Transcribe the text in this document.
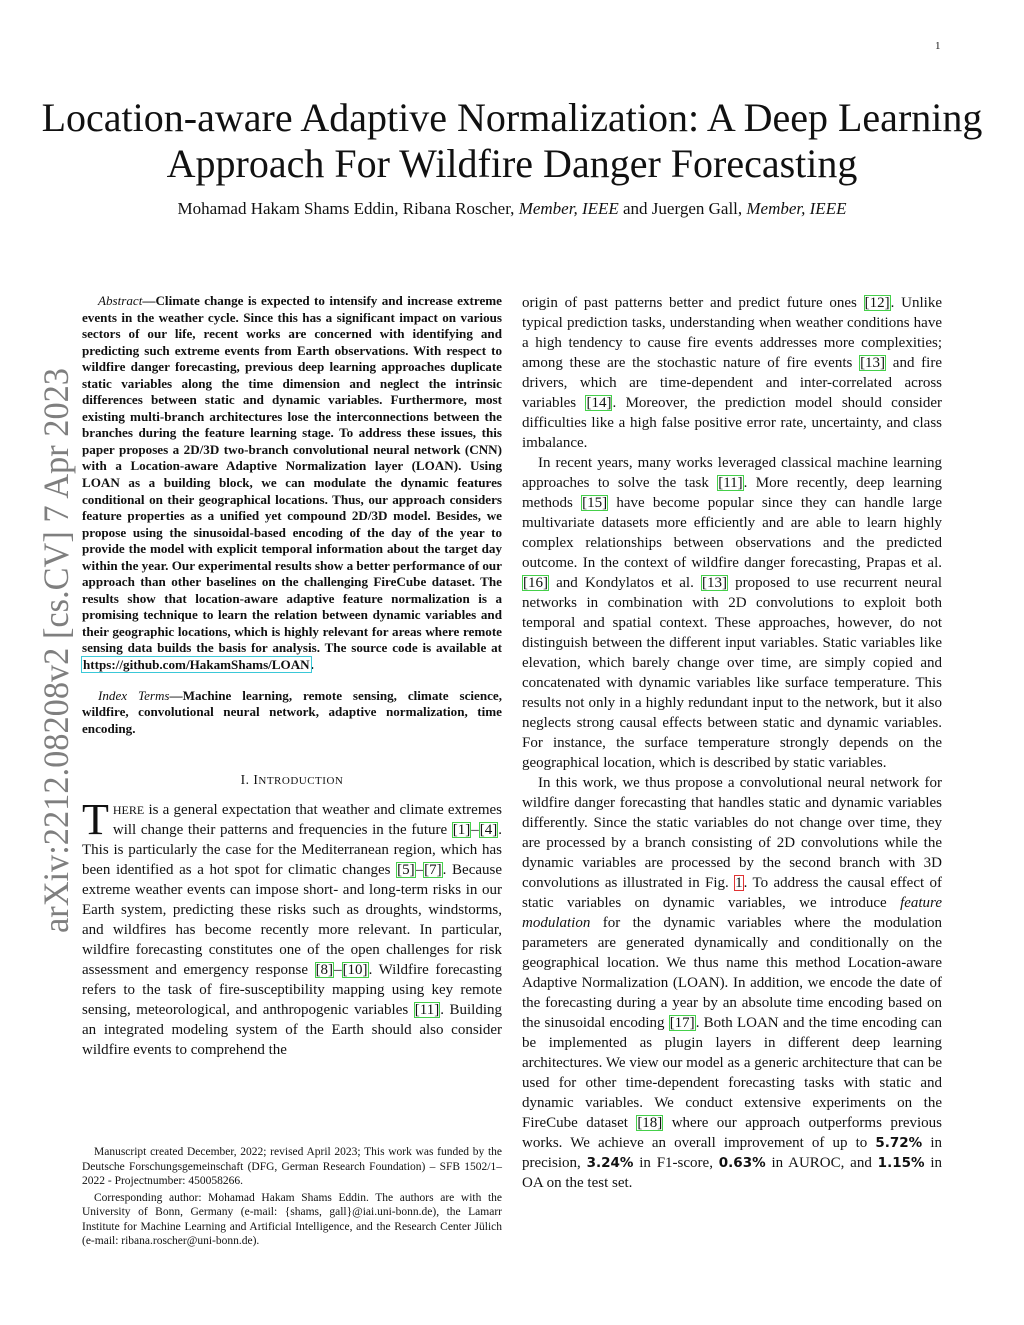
1
arXiv:2212.08208v2 [cs.CV] 7 Apr 2023
Location-aware Adaptive Normalization: A Deep Learning Approach For Wildfire Danger Forecasting
Mohamad Hakam Shams Eddin, Ribana Roscher, Member, IEEE and Juergen Gall, Member, IEEE

Abstract—Climate change is expected to intensify and increase extreme events in the weather cycle. Since this has a significant impact on various sectors of our life, recent works are concerned with identifying and predicting such extreme events from Earth observations. With respect to wildfire danger forecasting, previous deep learning approaches duplicate static variables along the time dimension and neglect the intrinsic differences between static and dynamic variables. Furthermore, most existing multi-branch architectures lose the interconnections between the branches during the feature learning stage. To address these issues, this paper proposes a 2D/3D two-branch convolutional neural network (CNN) with a Location-aware Adaptive Normalization layer (LOAN). Using LOAN as a building block, we can modulate the dynamic features conditional on their geographical locations. Thus, our approach considers feature properties as a unified yet compound 2D/3D model. Besides, we propose using the sinusoidal-based encoding of the day of the year to provide the model with explicit temporal information about the target day within the year. Our experimental results show a better performance of our approach than other baselines on the challenging FireCube dataset. The results show that location-aware adaptive feature normalization is a promising technique to learn the relation between dynamic variables and their geographic locations, which is highly relevant for areas where remote sensing data builds the basis for analysis. The source code is available at https://github.com/HakamShams/LOAN.

Index Terms—Machine learning, remote sensing, climate science, wildfire, convolutional neural network, adaptive normalization, time encoding.

I. INTRODUCTION

THERE is a general expectation that weather and climate extremes will change their patterns and frequencies in the future [1]–[4]. This is particularly the case for the Mediterranean region, which has been identified as a hot spot for climatic changes [5]–[7]. Because extreme weather events can impose short- and long-term risks in our Earth system, predicting these risks such as droughts, windstorms, and wildfires has become recently more relevant. In particular, wildfire forecasting constitutes one of the open challenges for risk assessment and emergency response [8]–[10]. Wildfire forecasting refers to the task of fire-susceptibility mapping using key remote sensing, meteorological, and anthropogenic variables [11]. Building an integrated modeling system of the Earth should also consider wildfire events to comprehend the

Manuscript created December, 2022; revised April 2023; This work was funded by the Deutsche Forschungsgemeinschaft (DFG, German Research Foundation) – SFB 1502/1–2022 - Projectnumber: 450058266.

Corresponding author: Mohamad Hakam Shams Eddin. The authors are with the University of Bonn, Germany (e-mail: {shams, gall}@iai.uni-bonn.de), the Lamarr Institute for Machine Learning and Artificial Intelligence, and the Research Center Jülich (e-mail: ribana.roscher@uni-bonn.de).

origin of past patterns better and predict future ones [12]. Unlike typical prediction tasks, understanding when weather conditions have a high tendency to cause fire events addresses more complexities; among these are the stochastic nature of fire events [13] and fire drivers, which are time-dependent and inter-correlated across variables [14]. Moreover, the prediction model should consider difficulties like a high false positive error rate, uncertainty, and class imbalance.

In recent years, many works leveraged classical machine learning approaches to solve the task [11]. More recently, deep learning methods [15] have become popular since they can handle large multivariate datasets more efficiently and are able to learn highly complex relationships between observations and the predicted outcome. In the context of wildfire danger forecasting, Prapas et al. [16] and Kondylatos et al. [13] proposed to use recurrent neural networks in combination with 2D convolutions to exploit both temporal and spatial context. These approaches, however, do not distinguish between the different input variables. Static variables like elevation, which barely change over time, are simply copied and concatenated with dynamic variables like surface temperature. This results not only in a highly redundant input to the network, but it also neglects strong causal effects between static and dynamic variables. For instance, the surface temperature strongly depends on the geographical location, which is described by static variables.

In this work, we thus propose a convolutional neural network for wildfire danger forecasting that handles static and dynamic variables differently. Since the static variables do not change over time, they are processed by a branch consisting of 2D convolutions while the dynamic variables are processed by the second branch with 3D convolutions as illustrated in Fig. 1. To address the causal effect of static variables on dynamic variables, we introduce feature modulation for the dynamic variables where the modulation parameters are generated dynamically and conditionally on the geographical location. We thus name this method Location-aware Adaptive Normalization (LOAN). In addition, we encode the date of the forecasting during a year by an absolute time encoding based on the sinusoidal encoding [17]. Both LOAN and the time encoding can be implemented as plugin layers in different deep learning architectures. We view our model as a generic architecture that can be used for other time-dependent forecasting tasks with static and dynamic variables. We conduct extensive experiments on the FireCube dataset [18] where our approach outperforms previous works. We achieve an overall improvement of up to 5.72% in precision, 3.24% in F1-score, 0.63% in AUROC, and 1.15% in OA on the test set.
